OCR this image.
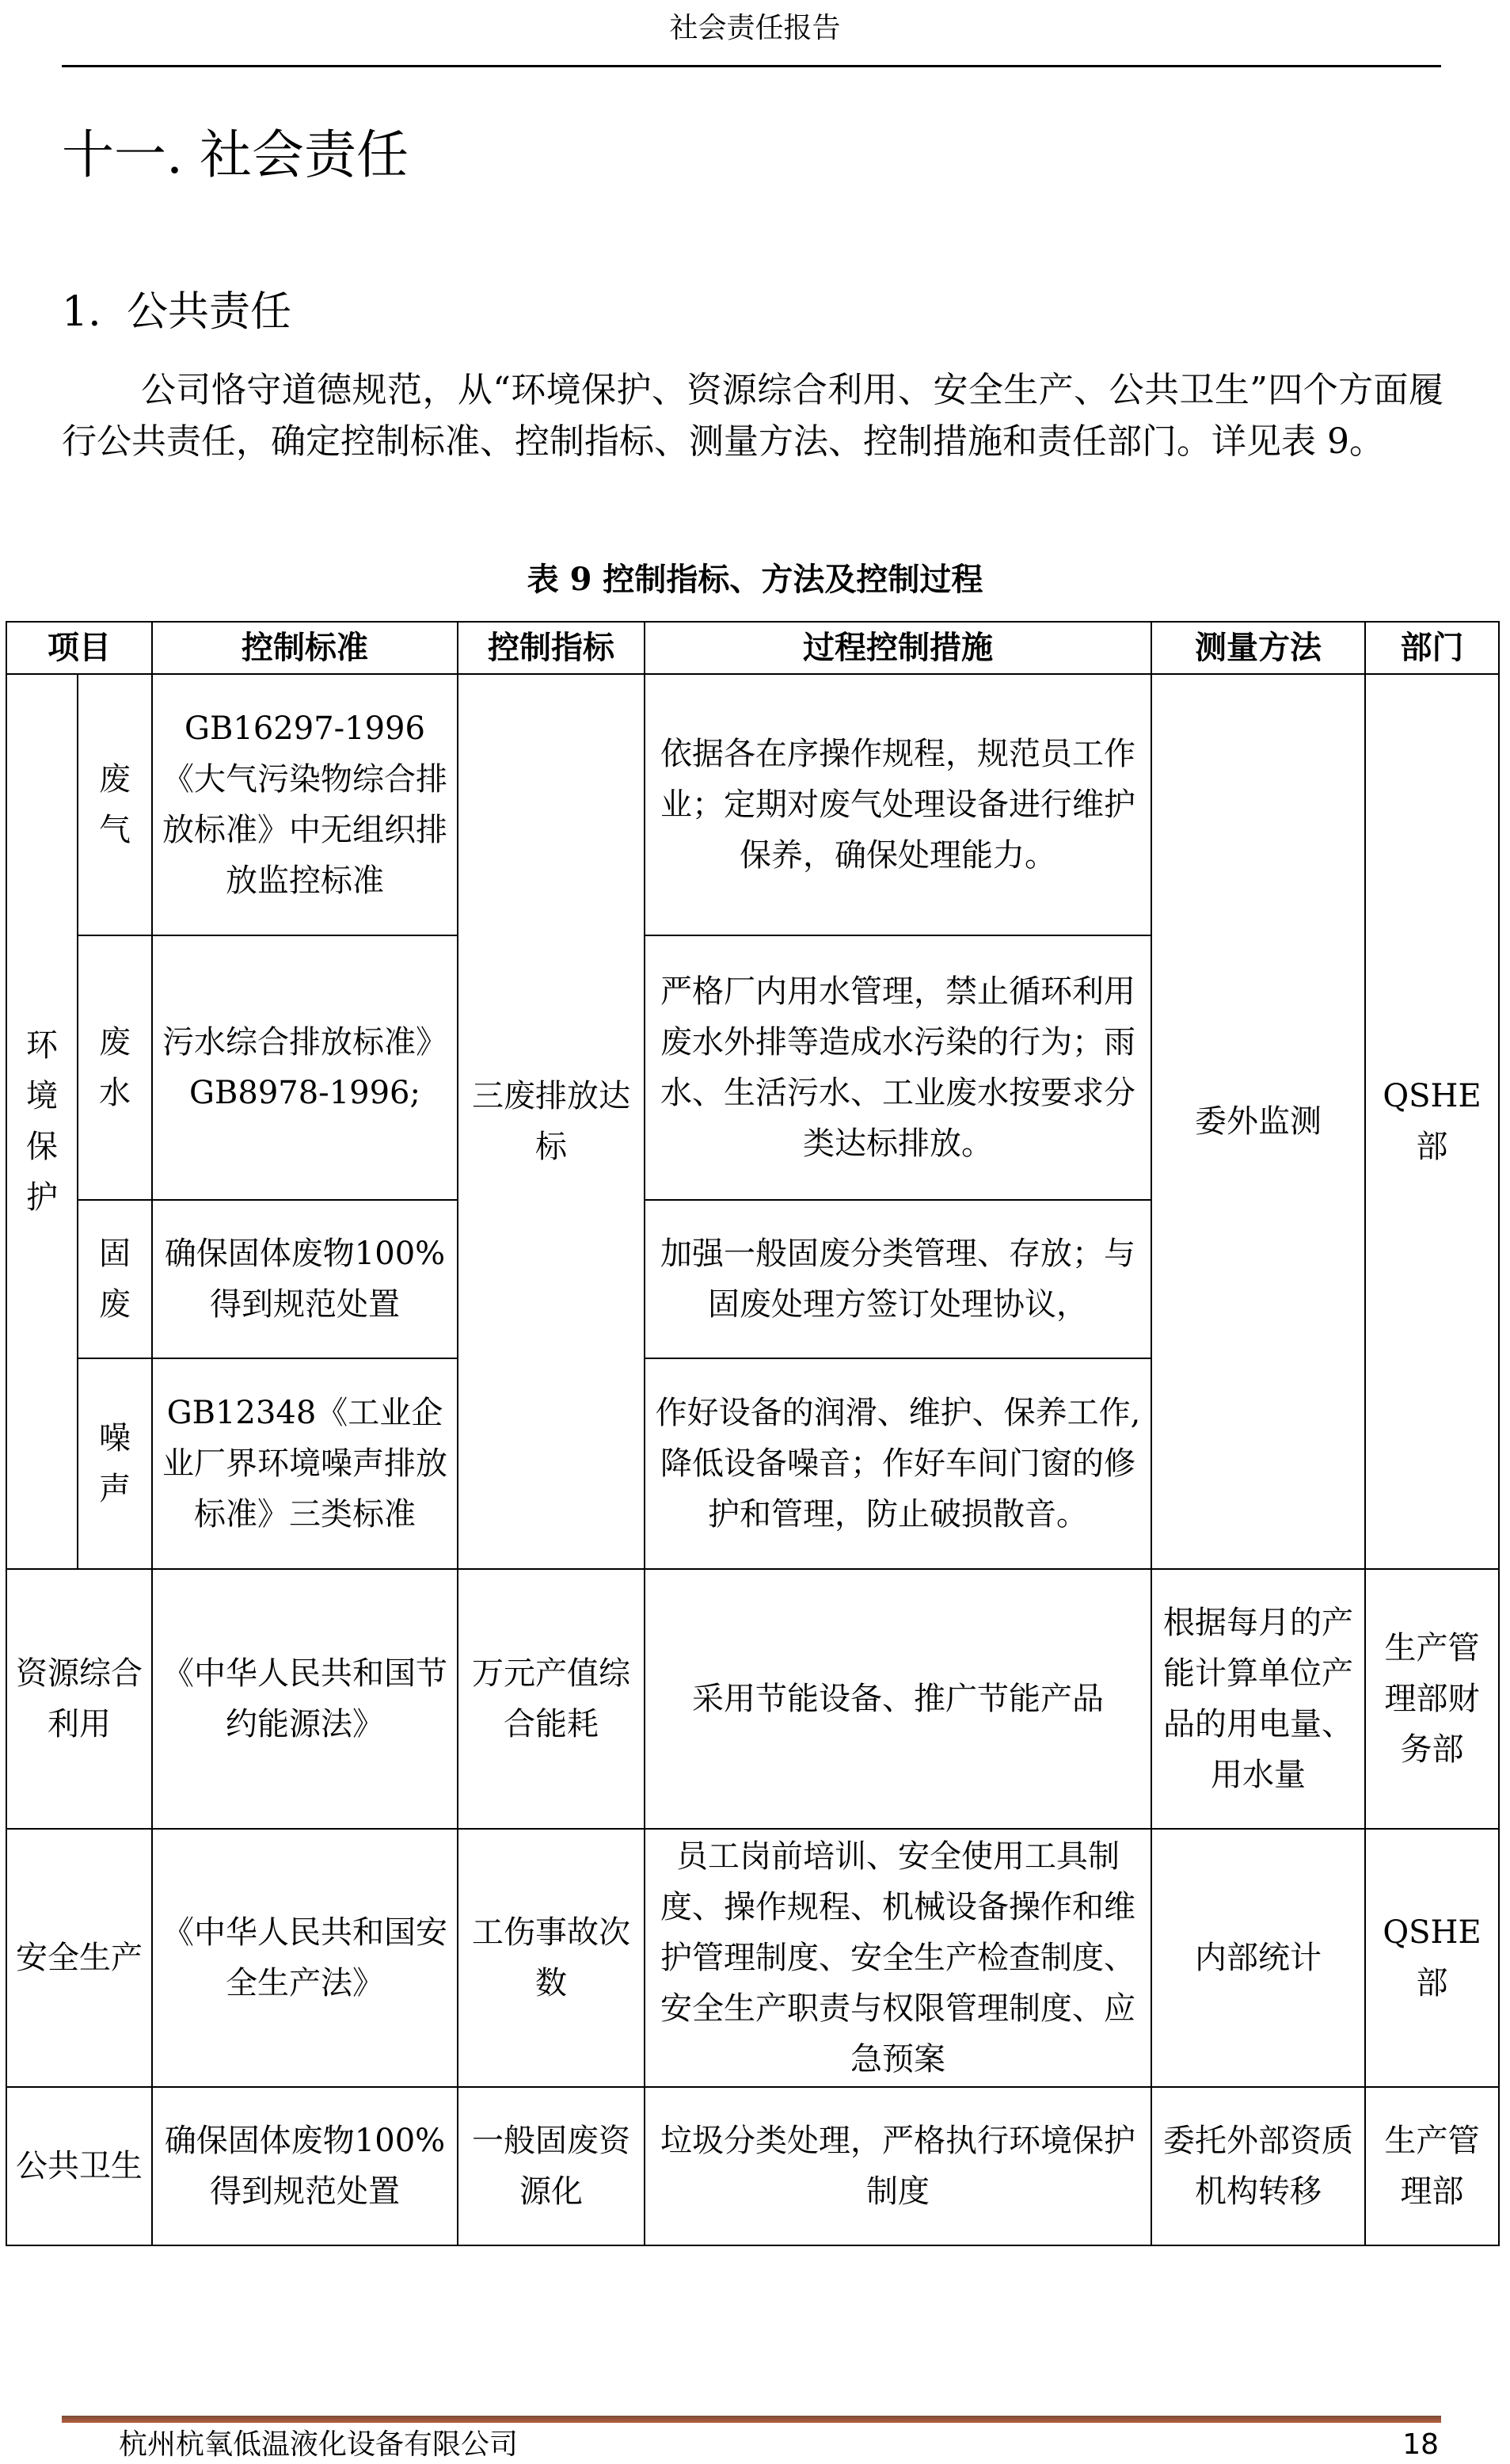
社会责任报告
十一. 社会责任
1. 公共责任

公司恪守道德规范，从“环境保护、资源综合利用、安全生产、公共卫生”四个方面履行公共责任，确定控制标准、控制指标、测量方法、控制措施和责任部门。详见表 9。

表 9 控制指标、方法及控制过程
项目		控制标准	控制指标	过程控制措施	测量方法	部门
环境保护	废气	GB16297-1996《大气污染物综合排放标准》中无组织排放监控标准	三废排放达标	依据各在序操作规程，规范员工作业；定期对废气处理设备进行维护保养，确保处理能力。	委外监测	QSHE部

	废水	污水综合排放标准》GB8978-1996;		严格厂内用水管理，禁止循环利用废水外排等造成水污染的行为；雨水、生活污水、工业废水按要求分类达标排放。		

	固废	确保固体废物100%得到规范处置		加强一般固废分类管理、存放；与固废处理方签订处理协议，		

	噪声	GB12348《工业企业厂界环境噪声排放标准》三类标准		作好设备的润滑、维护、保养工作, 降低设备噪音；作好车间门窗的修护和管理，防止破损散音。		

资源综合利用		《中华人民共和国节约能源法》	万元产值综合能耗	采用节能设备、推广节能产品	根据每月的产能计算单位产品的用电量、用水量	生产管理部财务部

安全生产		《中华人民共和国安全生产法》	工伤事故次数	员工岗前培训、安全使用工具制度、操作规程、机械设备操作和维护管理制度、安全生产检查制度、安全生产职责与权限管理制度、应急预案	内部统计	QSHE部

公共卫生		确保固体废物100%得到规范处置	一般固废资源化	垃圾分类处理，严格执行环境保护制度	委托外部资质机构转移	生产管理部
杭州杭氧低温液化设备有限公司	18
